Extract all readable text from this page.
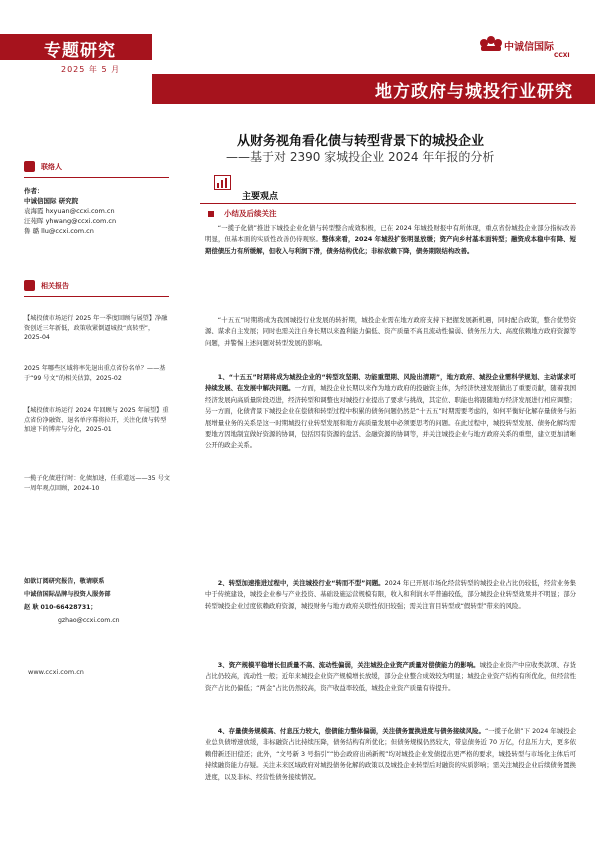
专题研究
2025 年 5 月
中诚信国际
CCXI
地方政府与城投行业研究
从财务视角看化债与转型背景下的城投企业
——基于对 2390 家城投企业 2024 年年报的分析
联络人
作者：
中诚信国际 研究院
袁海霞 hxyuan@ccxi.com.cn
汪苑晖 yhwang@ccxi.com.cn
鲁 璐 llu@ccxi.com.cn
相关报告
【城投债市场运行 2025 年一季度回顾与展望】净融资创近三年新低，政策收紧倒逼城投“真转型”，2025-04
2025 年哪些区域将率先退出重点省份名单？——基于“99 号文”的相关估算，2025-02
【城投债市场运行 2024 年回顾与 2025 年展望】重点省份净融资、退名单序幕将拉开，关注化债与转型加速下的博弈与分化，2025-01
一揽子化债进行时：化债加速，任重道远——35 号文一周年观点回顾，2024-10
如欲订阅研究报告，敬请联系
中诚信国际品牌与投资人服务部
赵 耿 010-66428731；
gzhao@ccxi.com.cn
www.ccxi.com.cn
主要观点
小结及后续关注
“一揽子化债”推进下城投企业化债与转型整合成效积极，已在 2024 年城投财报中有所体现，重点省份城投企业部分指标改善明显，但基本面的实质性改善仍待观察。整体来看，2024 年城投扩张明显放缓；资产向乡村基本面转型；融资成本稳中有降、短期偿债压力有所缓解，但收入与利润下滑，债务结构优化；非标依赖下降，债务期限结构改善。
“十五五”时期将成为我国城投行业发展的转折期，城投企业需在地方政府支持下把握发展新机遇，同时配合政策，整合优势资源、谋求自主发展；同时也需关注自身长期以来盈利能力偏低、资产质量不高且流动性偏弱、债务压力大、高度依赖地方政府资源等问题，并警惕上述问题对转型发展的影响。
1、“十五五”时期将成为城投企业的“转型攻坚期、功能重塑期、风险出清期”，地方政府、城投企业需科学规划、主动谋求可持续发展、在发展中解决问题。一方面，城投企业长期以来作为地方政府的投融资主体，为经济快速发展做出了重要贡献，随着我国经济发展向高质量阶段迈进，经济转型和调整也对城投行业提出了要求与挑战，其定位、职能也将跟随地方经济发展进行相应调整；另一方面，化债背景下城投企业在偿债和转型过程中积累的债务问题仍然是“十五五”时期需要考虑的，如何平衡好化解存量债务与拓展增量业务的关系是这一时期城投行业转型发展和地方高质量发展中必须要思考的问题。在此过程中，城投转型发展、债务化解均需要地方因地制宜做好资源的协调，包括因有资源的盘活、金融资源的协调等，并关注城投企业与地方政府关系的重塑，建立更加清晰公开的政企关系。
2、转型加速推进过程中，关注城投行业“转而不型”问题。2024 年已开展市场化经营转型的城投企业占比仍较低，经营业务集中于传统建设，城投企业参与产业投资、基础设施运营规模有限，收入和利润水平普遍较低，部分城投企业转型效果并不明显；部分转型城投企业过度依赖政府资源，城投财务与地方政府关联性依旧较强；需关注盲目转型或“假转型”带来的风险。
3、资产规模平稳增长但质量不高、流动性偏弱，关注城投企业资产质量对偿债能力的影响。城投企业资产中应收类款项、存货占比仍较高，流动性一般；近年来城投企业资产规模增长放缓，部分企业整合成效较为明显；城投企业资产结构有所优化，但经营性资产占比仍偏低；“两金”占比仍然较高，资产收益率较低，城投企业资产质量有待提升。
4、存量债务规模高、付息压力较大，偿债能力整体偏弱，关注债务置换进度与债务接续风险。“一揽子化债”下 2024 年城投企业总负债增速放缓，非标融资占比持续压降，债务结构有所优化；但债务规模仍然较大，带息债务近 70 万亿，付息压力大，更多依赖借新还旧偿还；此外，“文号新 3 号指引”“协会政府出函新规”均对城投企业发债提出更严格的要求，城投转型与市场化主体后可持续融资能力存疑。关注未来区域政府对城投债务化解的政策以及城投企业转型后对融资的实质影响；需关注城投企业后续债务置换进度，以及非标、经营性债务接续情况。
